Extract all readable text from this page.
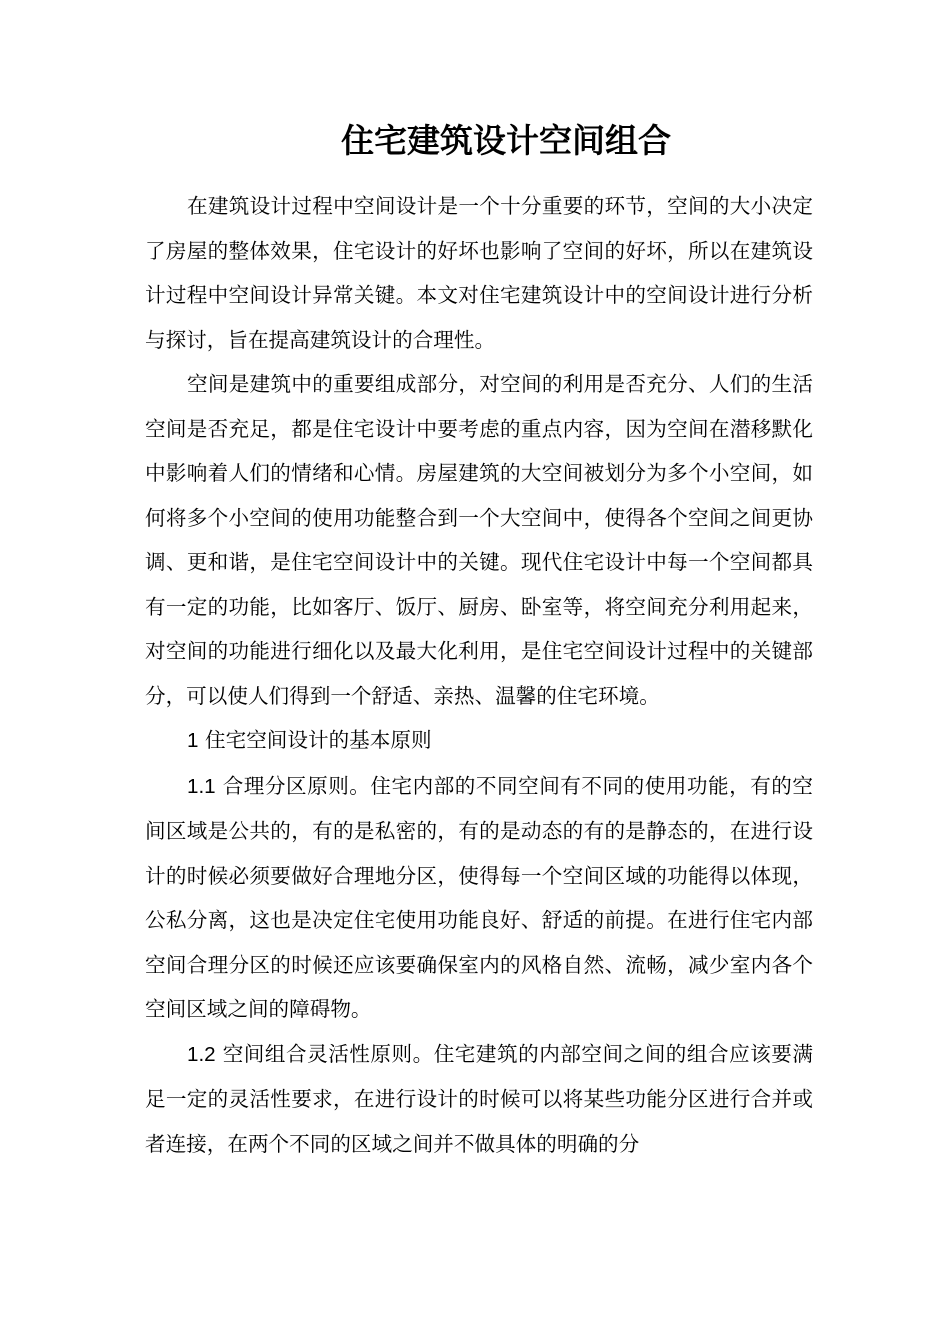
住宅建筑设计空间组合

在建筑设计过程中空间设计是一个十分重要的环节，空间的大小决定了房屋的整体效果，住宅设计的好坏也影响了空间的好坏，所以在建筑设计过程中空间设计异常关键。本文对住宅建筑设计中的空间设计进行分析与探讨，旨在提高建筑设计的合理性。

空间是建筑中的重要组成部分，对空间的利用是否充分、人们的生活空间是否充足，都是住宅设计中要考虑的重点内容，因为空间在潜移默化中影响着人们的情绪和心情。房屋建筑的大空间被划分为多个小空间，如何将多个小空间的使用功能整合到一个大空间中，使得各个空间之间更协调、更和谐，是住宅空间设计中的关键。现代住宅设计中每一个空间都具有一定的功能，比如客厅、饭厅、厨房、卧室等，将空间充分利用起来，对空间的功能进行细化以及最大化利用，是住宅空间设计过程中的关键部分，可以使人们得到一个舒适、亲热、温馨的住宅环境。

1 住宅空间设计的基本原则

1.1 合理分区原则。住宅内部的不同空间有不同的使用功能，有的空间区域是公共的，有的是私密的，有的是动态的有的是静态的，在进行设计的时候必须要做好合理地分区，使得每一个空间区域的功能得以体现，公私分离，这也是决定住宅使用功能良好、舒适的前提。在进行住宅内部空间合理分区的时候还应该要确保室内的风格自然、流畅，减少室内各个空间区域之间的障碍物。

1.2 空间组合灵活性原则。住宅建筑的内部空间之间的组合应该要满足一定的灵活性要求，在进行设计的时候可以将某些功能分区进行合并或者连接，在两个不同的区域之间并不做具体的明确的分
